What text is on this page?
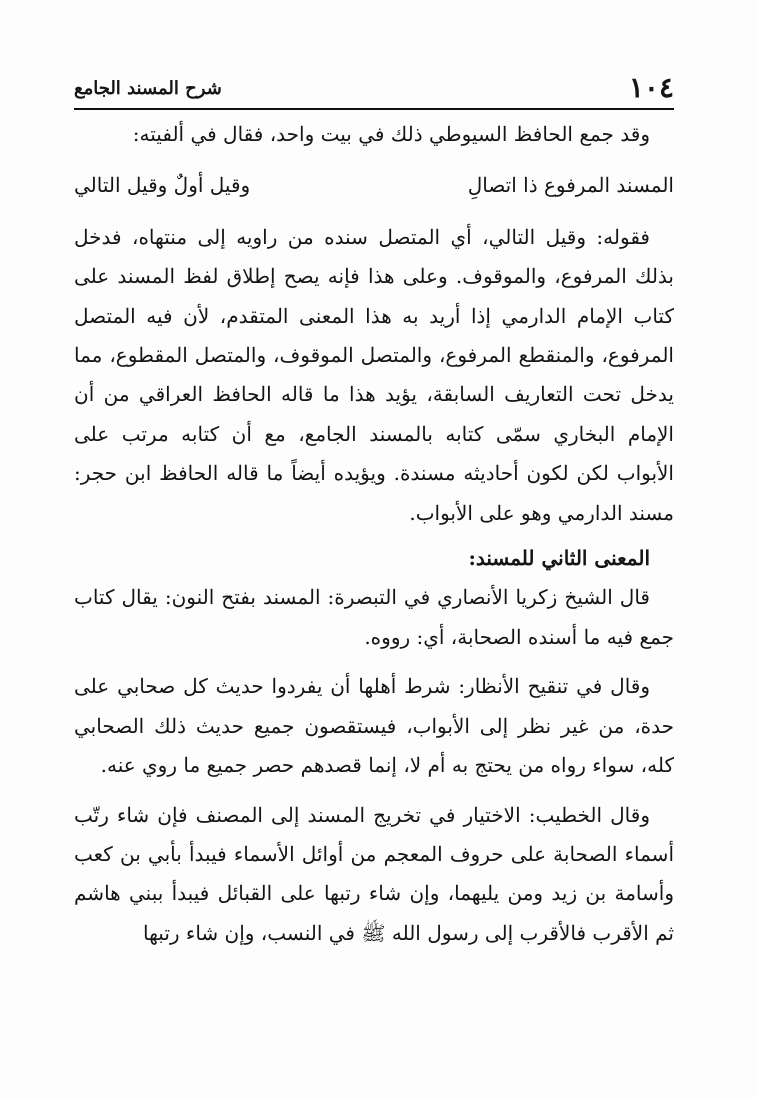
١٠٤
شرح المسند الجامع

وقد جمع الحافظ السيوطي ذلك في بيت واحد، فقال في ألفيته:

المسند المرفوع ذا اتصالِ
وقيل أولٌ وقيل التالي

فقوله: وقيل التالي، أي المتصل سنده من راويه إلى منتهاه، فدخل بذلك المرفوع، والموقوف. وعلى هذا فإنه يصح إطلاق لفظ المسند على كتاب الإمام الدارمي إذا أريد به هذا المعنى المتقدم، لأن فيه المتصل المرفوع، والمنقطع المرفوع، والمتصل الموقوف، والمتصل المقطوع، مما يدخل تحت التعاريف السابقة، يؤيد هذا ما قاله الحافظ العراقي من أن الإمام البخاري سمّى كتابه بالمسند الجامع، مع أن كتابه مرتب على الأبواب لكن لكون أحاديثه مسندة. ويؤيده أيضاً ما قاله الحافظ ابن حجر: مسند الدارمي وهو على الأبواب.

المعنى الثاني للمسند:

قال الشيخ زكريا الأنصاري في التبصرة: المسند بفتح النون: يقال كتاب جمع فيه ما أسنده الصحابة، أي: رووه.

وقال في تنقيح الأنظار: شرط أهلها أن يفردوا حديث كل صحابي على حدة، من غير نظر إلى الأبواب، فيستقصون جميع حديث ذلك الصحابي كله، سواء رواه من يحتج به أم لا، إنما قصدهم حصر جميع ما روي عنه.

وقال الخطيب: الاختيار في تخريج المسند إلى المصنف فإن شاء رتّب أسماء الصحابة على حروف المعجم من أوائل الأسماء فيبدأ بأبي بن كعب وأسامة بن زيد ومن يليهما، وإن شاء رتبها على القبائل فيبدأ ببني هاشم ثم الأقرب فالأقرب إلى رسول الله ﷺ في النسب، وإن شاء رتبها
